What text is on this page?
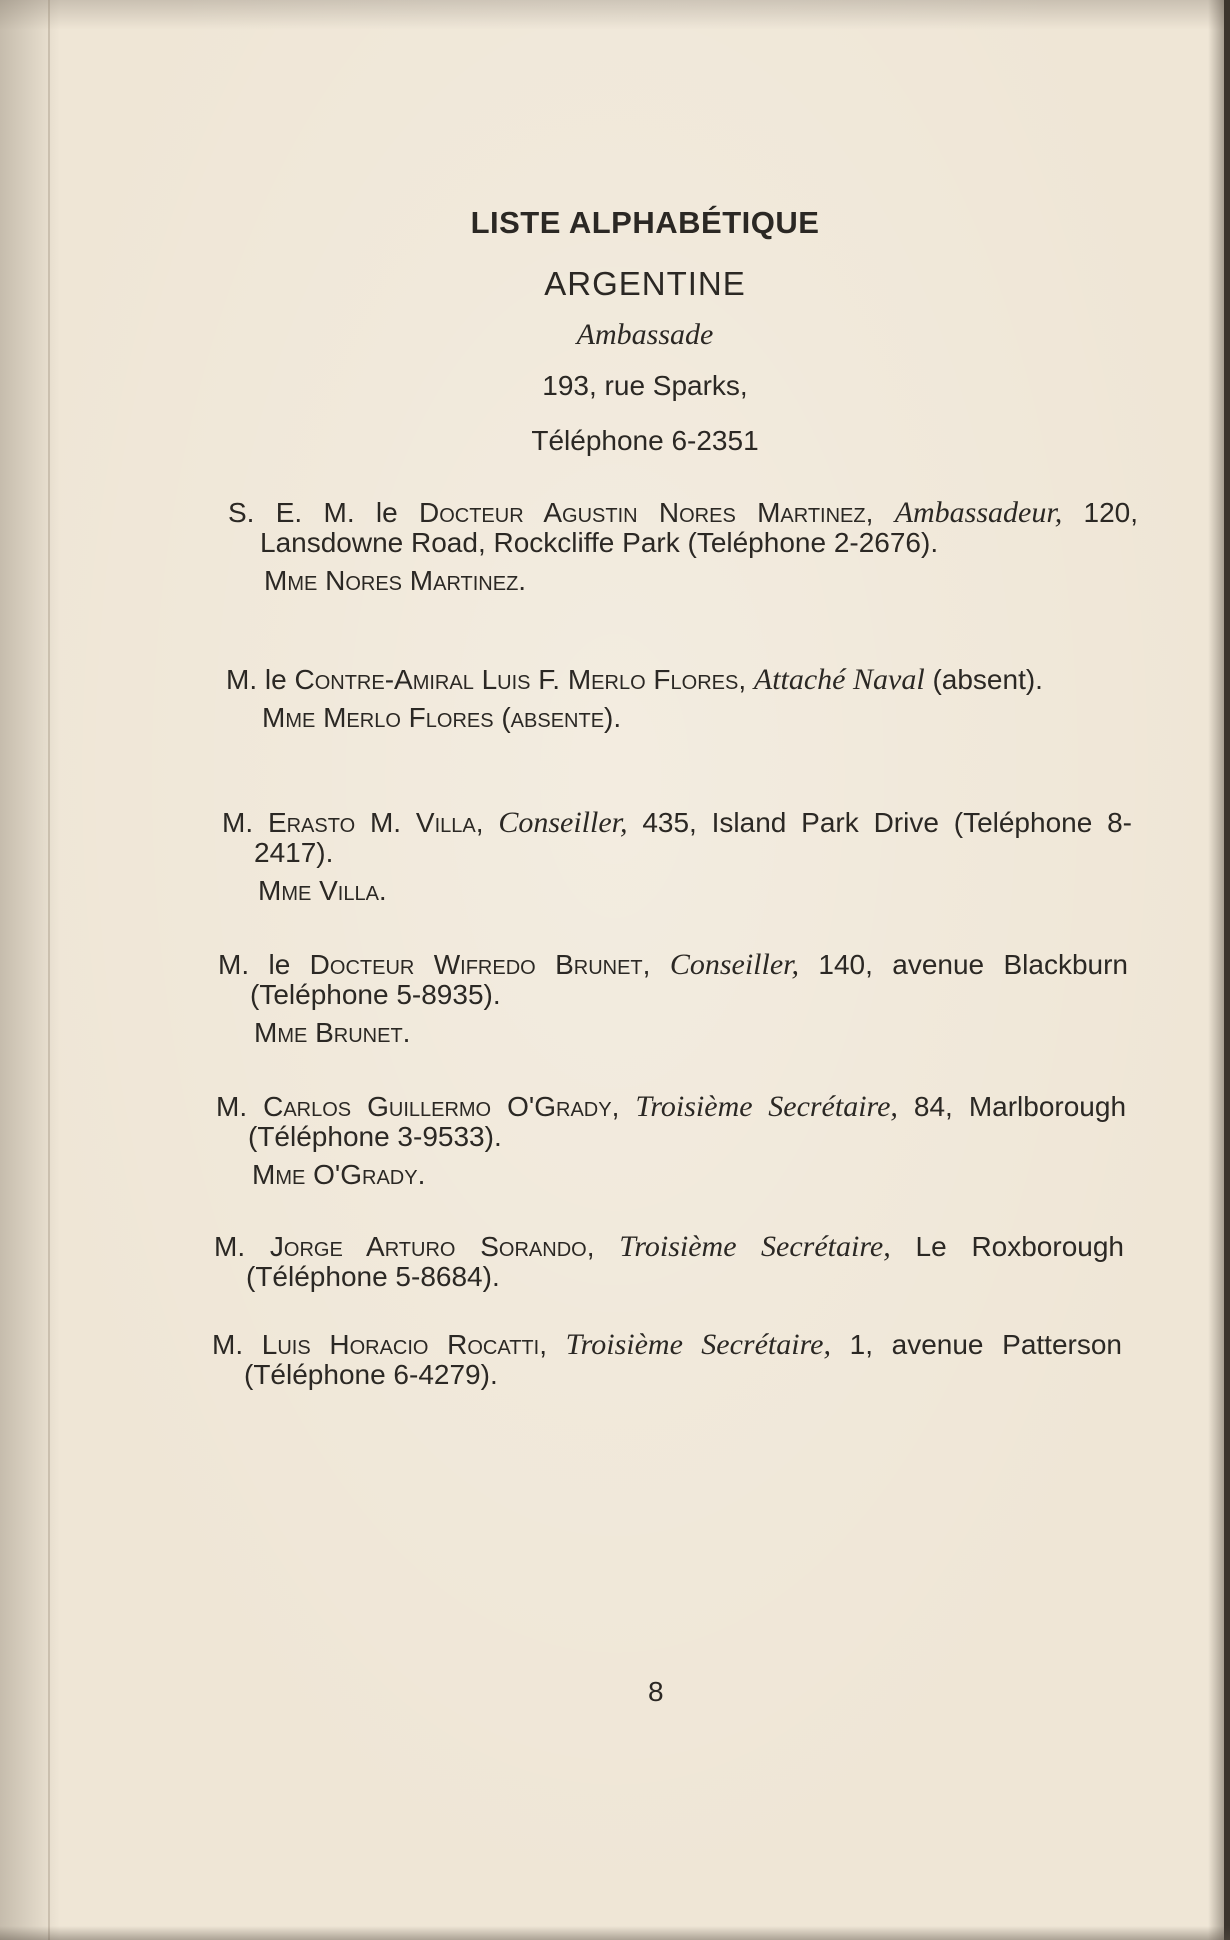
LISTE ALPHABÉTIQUE
ARGENTINE
Ambassade
193, rue Sparks,
Téléphone 6-2351

S. E. M. le Docteur Agustin Nores Martinez, Ambassadeur, 120, Lansdowne Road, Rockcliffe Park (Teléphone 2-2676).

Mme Nores Martinez.

M. le Contre-Amiral Luis F. Merlo Flores, Attaché Naval (absent).

Mme Merlo Flores (absente).

M. Erasto M. Villa, Conseiller, 435, Island Park Drive (Teléphone 8-2417).

Mme Villa.

M. le Docteur Wifredo Brunet, Conseiller, 140, avenue Blackburn (Teléphone 5-8935).

Mme Brunet.

M. Carlos Guillermo O'Grady, Troisième Secrétaire, 84, Marlborough (Téléphone 3-9533).

Mme O'Grady.

M. Jorge Arturo Sorando, Troisième Secrétaire, Le Roxborough (Téléphone 5-8684).

M. Luis Horacio Rocatti, Troisième Secrétaire, 1, avenue Patterson (Téléphone 6-4279).

8
